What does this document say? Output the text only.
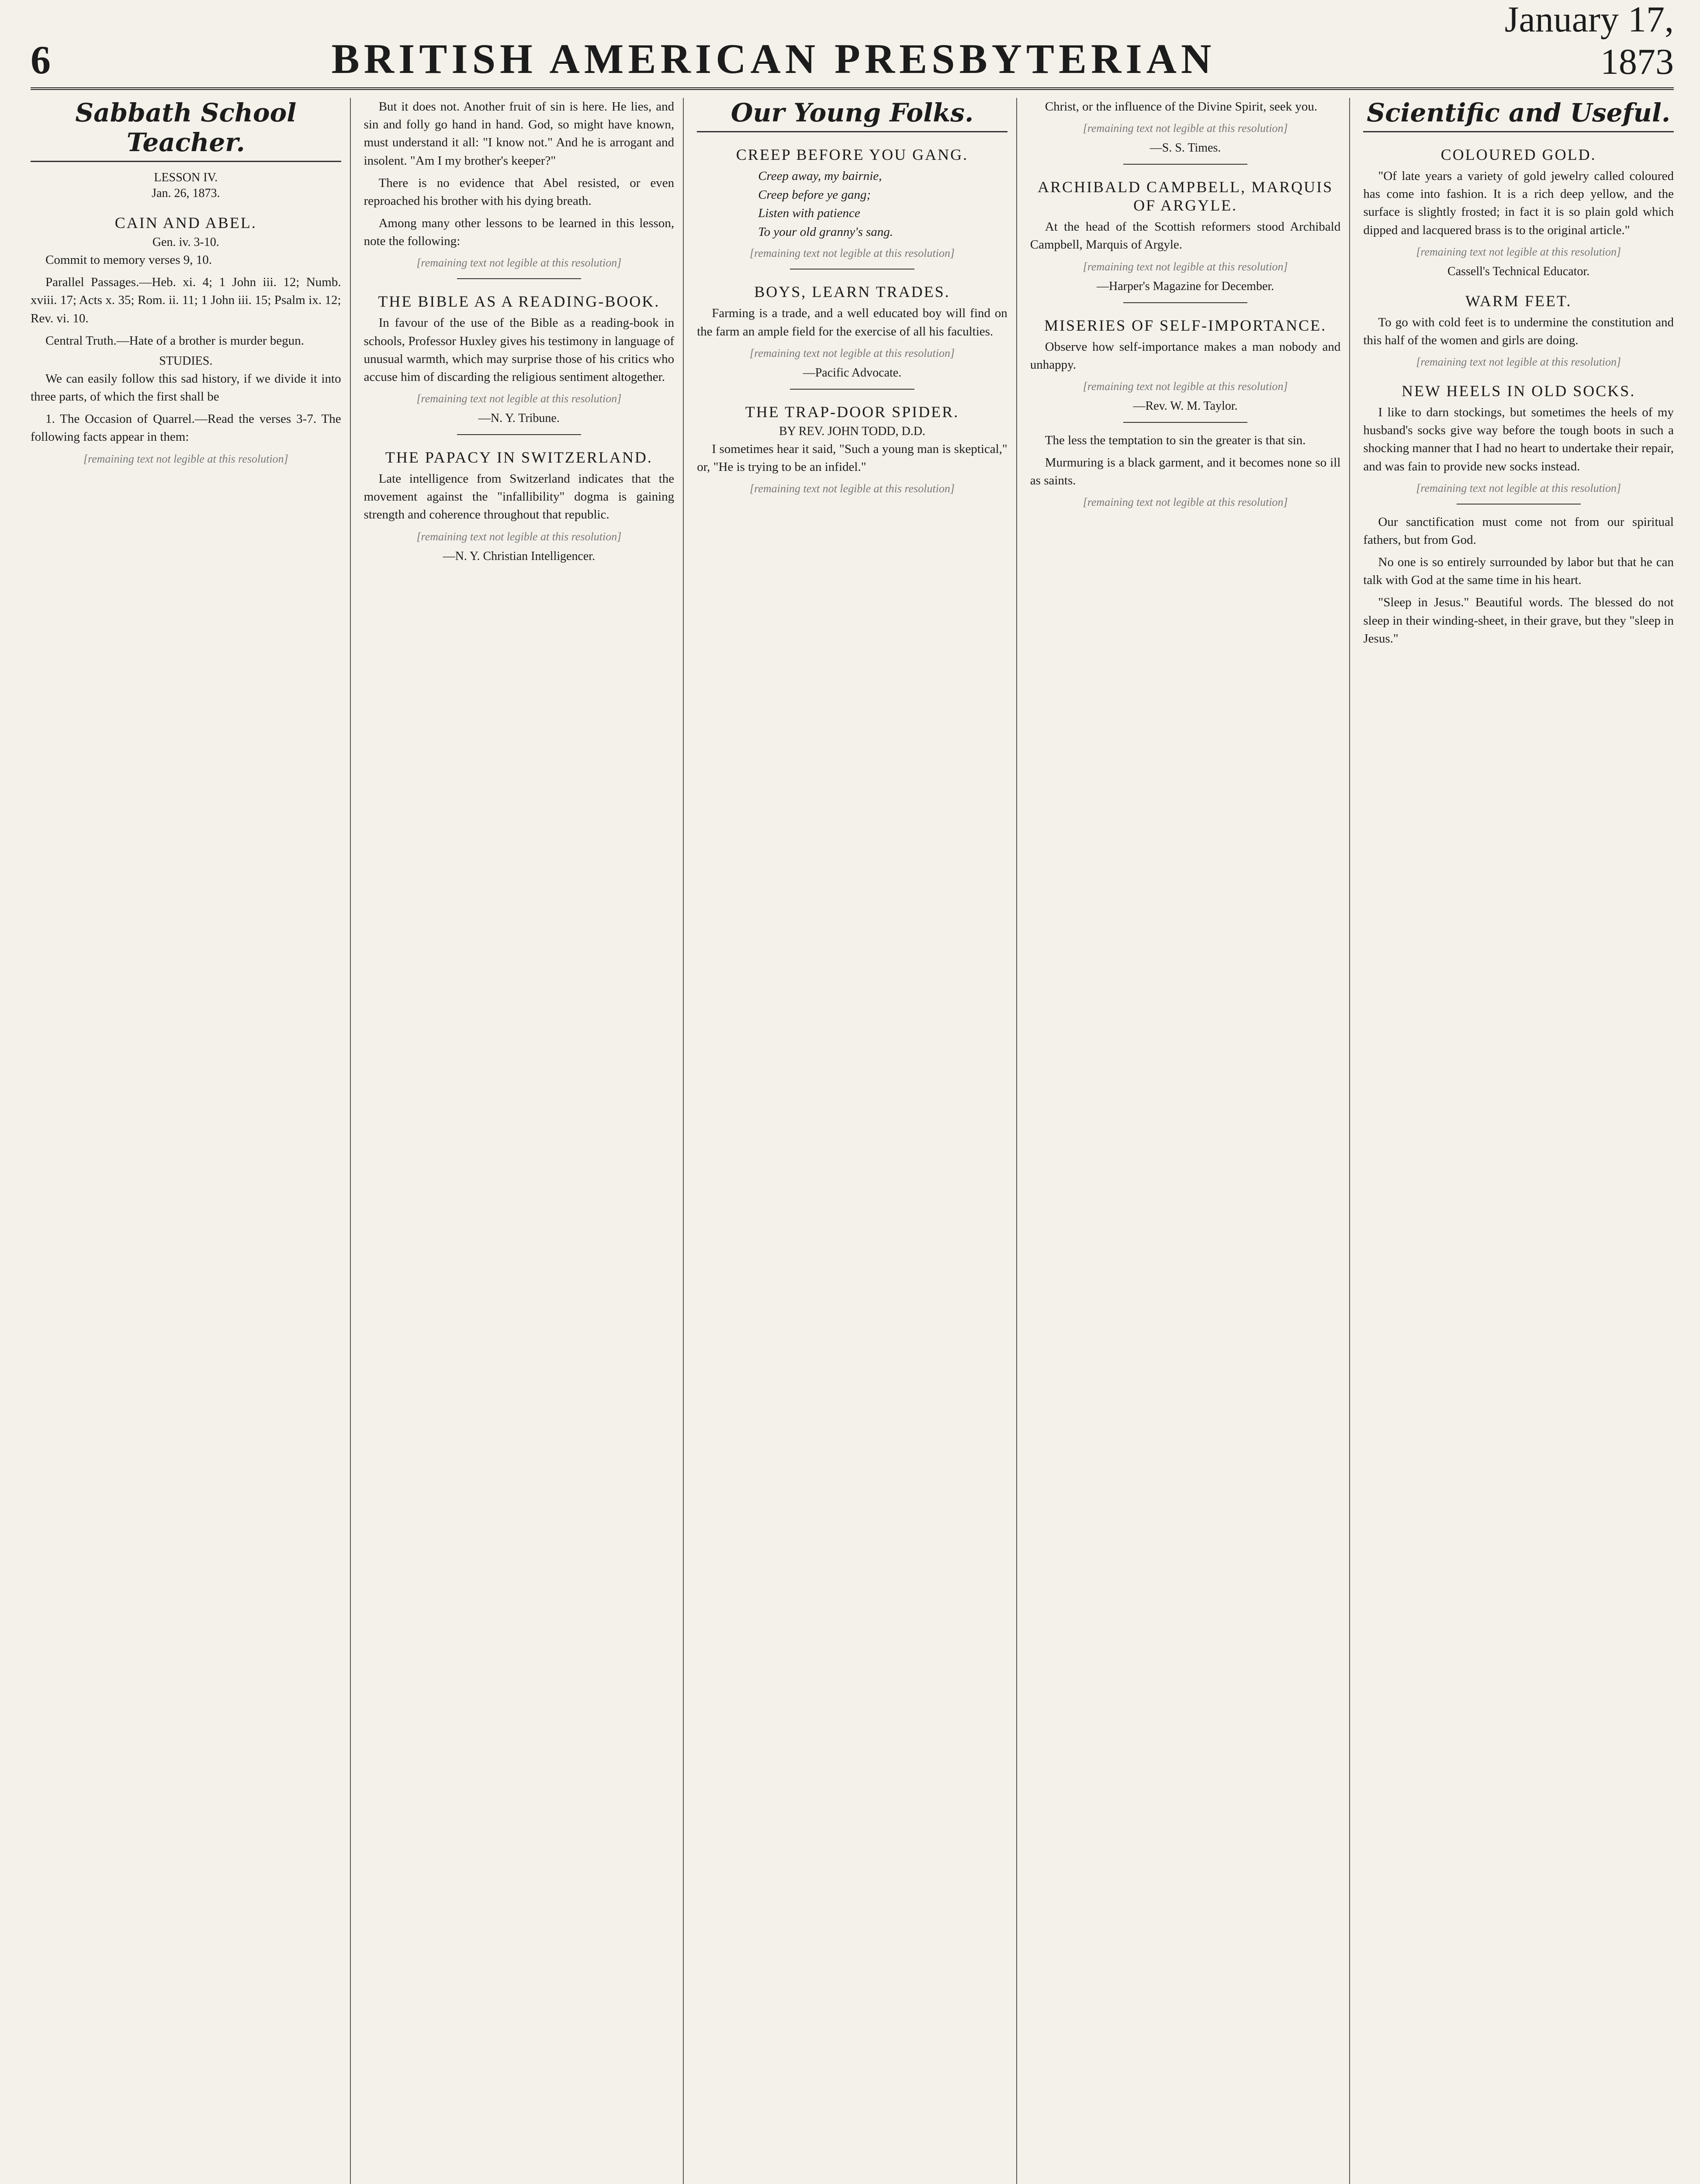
6	BRITISH AMERICAN PRESBYTERIAN
January 17, 1873
Sabbath School Teacher.
LESSON IV.
Jan. 26, 1873.
CAIN AND ABEL.
Gen. iv. 3-10.

Commit to memory verses 9, 10.

Parallel Passages.—Heb. xi. 4; 1 John iii. 12; Numb. xviii. 17; Acts x. 35; Rom. ii. 11; 1 John iii. 15; Psalm ix. 12; Rev. vi. 10.

Central Truth.—Hate of a brother is murder begun.

STUDIES.

We can easily follow this sad history, if we divide it into three parts, of which the first shall be

1. The Occasion of Quarrel.—Read the verses 3-7. The following facts appear in them:

[remaining text not legible at this resolution]

But it does not. Another fruit of sin is here. He lies, and sin and folly go hand in hand. God, so might have known, must understand it all: "I know not." And he is arrogant and insolent. "Am I my brother's keeper?"

There is no evidence that Abel resisted, or even reproached his brother with his dying breath.

Among many other lessons to be learned in this lesson, note the following:

[remaining text not legible at this resolution]
THE BIBLE AS A READING-BOOK.

In favour of the use of the Bible as a reading-book in schools, Professor Huxley gives his testimony in language of unusual warmth, which may surprise those of his critics who accuse him of discarding the religious sentiment altogether.

[remaining text not legible at this resolution]
—N. Y. Tribune.
THE PAPACY IN SWITZERLAND.

Late intelligence from Switzerland indicates that the movement against the "infallibility" dogma is gaining strength and coherence throughout that republic.

[remaining text not legible at this resolution]
—N. Y. Christian Intelligencer.
Our Young Folks.
CREEP BEFORE YOU GANG.
Creep away, my bairnie,
Creep before ye gang;
Listen with patience
To your old granny's sang.
[remaining text not legible at this resolution]
BOYS, LEARN TRADES.

Farming is a trade, and a well educated boy will find on the farm an ample field for the exercise of all his faculties.

[remaining text not legible at this resolution]
—Pacific Advocate.
THE TRAP-DOOR SPIDER.
BY REV. JOHN TODD, D.D.

I sometimes hear it said, "Such a young man is skeptical," or, "He is trying to be an infidel."

[remaining text not legible at this resolution]

Christ, or the influence of the Divine Spirit, seek you.

[remaining text not legible at this resolution]
—S. S. Times.
ARCHIBALD CAMPBELL, MARQUIS OF ARGYLE.

At the head of the Scottish reformers stood Archibald Campbell, Marquis of Argyle.

[remaining text not legible at this resolution]
—Harper's Magazine for December.
MISERIES OF SELF-IMPORTANCE.

Observe how self-importance makes a man nobody and unhappy.

[remaining text not legible at this resolution]
—Rev. W. M. Taylor.

The less the temptation to sin the greater is that sin.

Murmuring is a black garment, and it becomes none so ill as saints.

[remaining text not legible at this resolution]
Scientific and Useful.
COLOURED GOLD.

"Of late years a variety of gold jewelry called coloured has come into fashion. It is a rich deep yellow, and the surface is slightly frosted; in fact it is so plain gold which dipped and lacquered brass is to the original article."

[remaining text not legible at this resolution]
Cassell's Technical Educator.
WARM FEET.

To go with cold feet is to undermine the constitution and this half of the women and girls are doing.

[remaining text not legible at this resolution]
NEW HEELS IN OLD SOCKS.

I like to darn stockings, but sometimes the heels of my husband's socks give way before the tough boots in such a shocking manner that I had no heart to undertake their repair, and was fain to provide new socks instead.

[remaining text not legible at this resolution]

Our sanctification must come not from our spiritual fathers, but from God.

No one is so entirely surrounded by labor but that he can talk with God at the same time in his heart.

"Sleep in Jesus." Beautiful words. The blessed do not sleep in their winding-sheet, in their grave, but they "sleep in Jesus."
